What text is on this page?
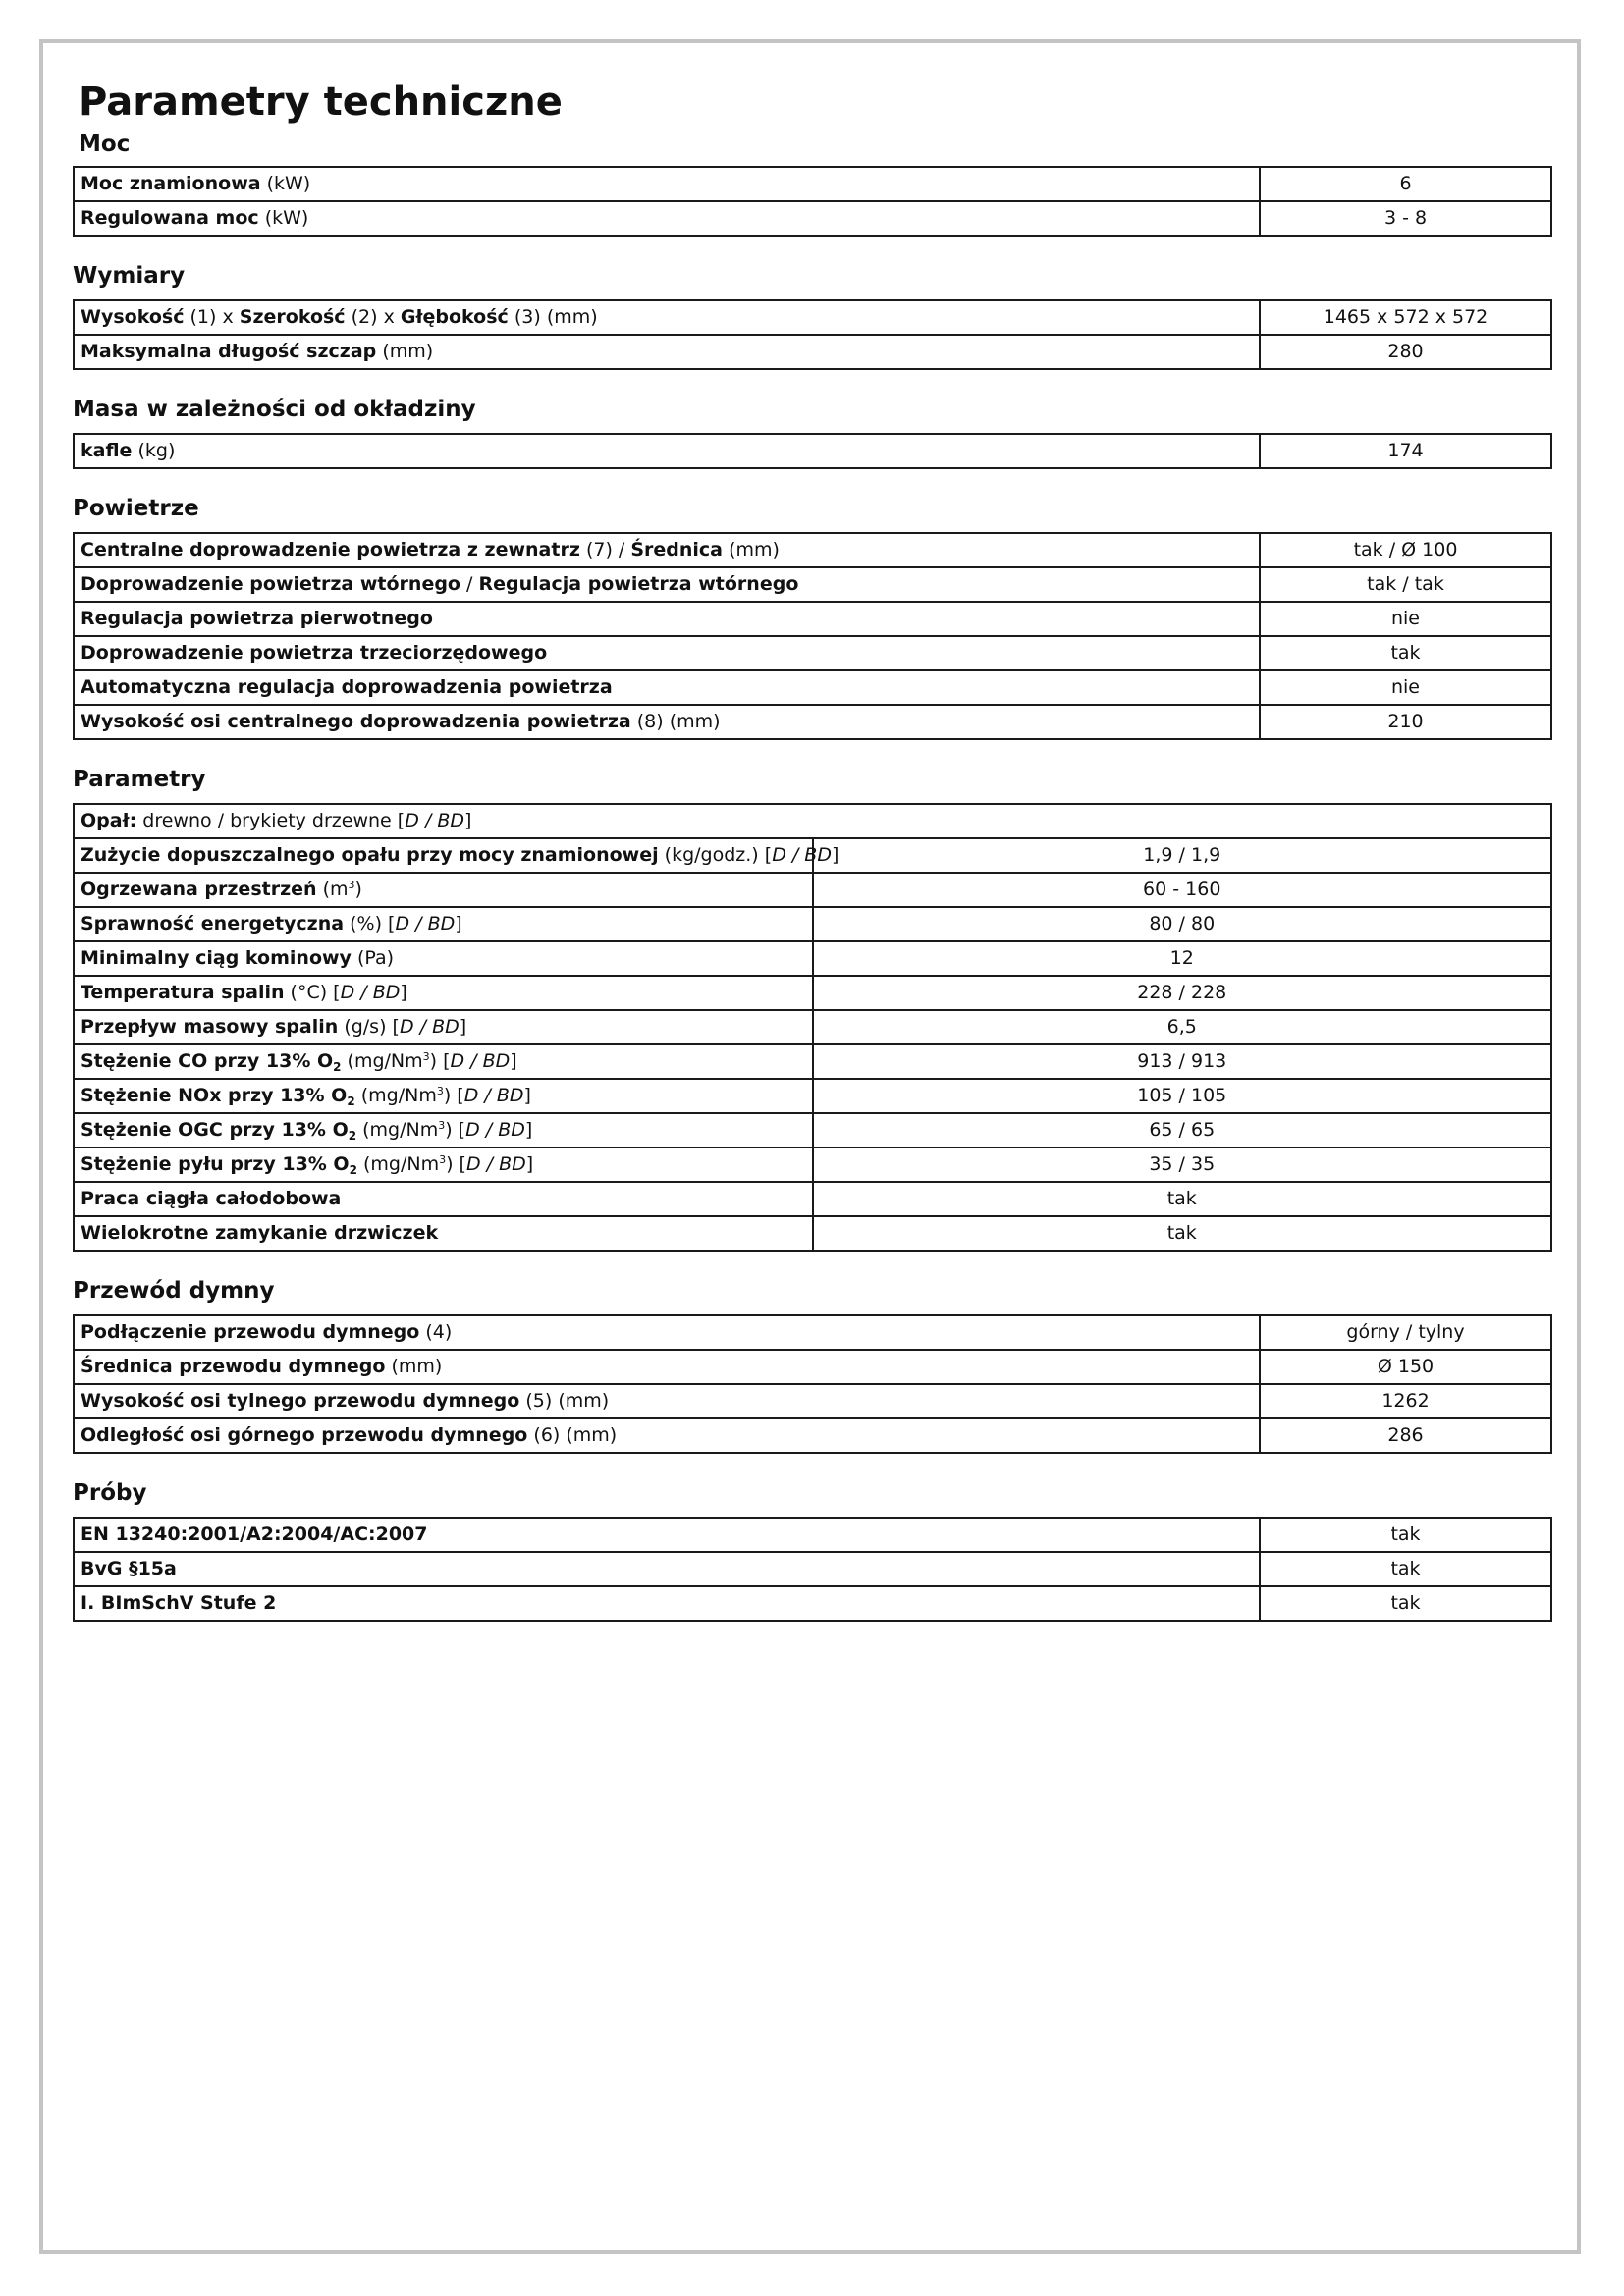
Parametry techniczne
Moc
Moc znamionowa (kW)	6
Regulowana moc (kW)	3 - 8
Wymiary
Wysokość (1) x Szerokość (2) x Głębokość (3) (mm)	1465 x 572 x 572
Maksymalna długość szczap (mm)	280
Masa w zależności od okładziny
kafle (kg)	174
Powietrze
Centralne doprowadzenie powietrza z zewnatrz (7) / Średnica (mm)	tak / Ø 100
Doprowadzenie powietrza wtórnego / Regulacja powietrza wtórnego	tak / tak
Regulacja powietrza pierwotnego	nie
Doprowadzenie powietrza trzeciorzędowego	tak
Automatyczna regulacja doprowadzenia powietrza	nie
Wysokość osi centralnego doprowadzenia powietrza (8) (mm)	210
Parametry
Opał: drewno / brykiety drzewne [D / BD]	
Zużycie dopuszczalnego opału przy mocy znamionowej (kg/godz.) [D / BD]	1,9 / 1,9
Ogrzewana przestrzeń $(m^3)$	60 - 160
Sprawność energetyczna (%) [D / BD]	80 / 80
Minimalny ciąg kominowy (Pa)	12
Temperatura spalin (°C) [D / BD]	228 / 228
Przepływ masowy spalin (g/s) [D / BD]	6,5
Stężenie CO przy 13% $O_2$ (mg/Nm$^3$) [D / BD]	913 / 913
Stężenie NOx przy 13% $O_2$ (mg/Nm$^3$) [D / BD]	105 / 105
Stężenie OGC przy 13% $O_2$ (mg/Nm$^3$) [D / BD]	65 / 65
Stężenie pyłu przy 13% $O_2$ (mg/Nm$^3$) [D / BD]	35 / 35
Praca ciągła całodobowa	tak
Wielokrotne zamykanie drzwiczek	tak
Przewód dymny
Podłączenie przewodu dymnego (4)	górny / tylny
Średnica przewodu dymnego (mm)	Ø 150
Wysokość osi tylnego przewodu dymnego (5) (mm)	1262
Odległość osi górnego przewodu dymnego (6) (mm)	286
Próby
EN 13240:2001/A2:2004/AC:2007	tak
BvG §15a	tak
I. BImSchV Stufe 2	tak
